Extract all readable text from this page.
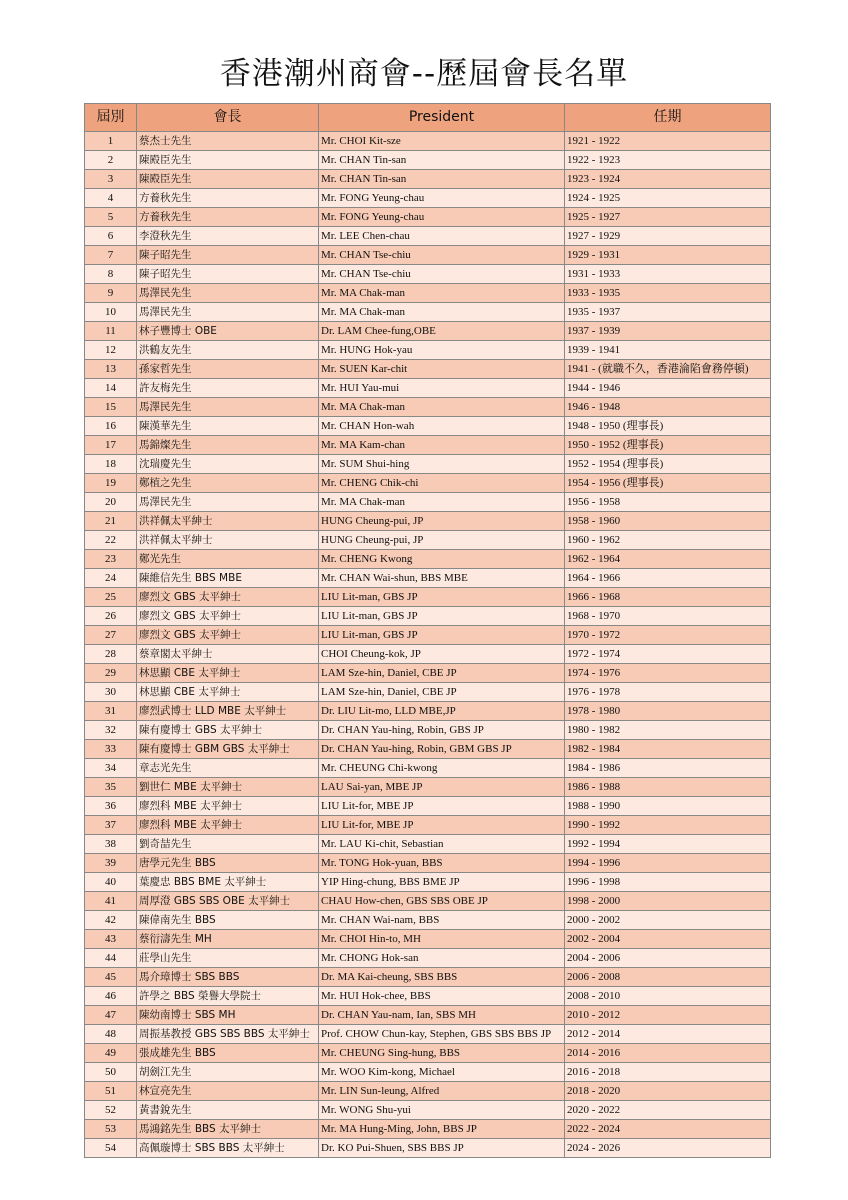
香港潮州商會--歷屆會長名單
屆別	會長	President	任期
1	蔡杰士先生	Mr. CHOI Kit-sze	1921 - 1922
2	陳殿臣先生	Mr. CHAN Tin-san	1922 - 1923
3	陳殿臣先生	Mr. CHAN Tin-san	1923 - 1924
4	方養秋先生	Mr. FONG Yeung-chau	1924 - 1925
5	方養秋先生	Mr. FONG Yeung-chau	1925 - 1927
6	李澄秋先生	Mr. LEE Chen-chau	1927 - 1929
7	陳子昭先生	Mr. CHAN Tse-chiu	1929 - 1931
8	陳子昭先生	Mr. CHAN Tse-chiu	1931 - 1933
9	馬澤民先生	Mr. MA Chak-man	1933 - 1935
10	馬澤民先生	Mr. MA Chak-man	1935 - 1937
11	林子豐博士 OBE	Dr. LAM Chee-fung,OBE	1937 - 1939
12	洪鶴友先生	Mr. HUNG Hok-yau	1939 - 1941
13	孫家哲先生	Mr. SUEN Kar-chit	1941 - (就職不久，香港淪陷會務停頓)
14	許友梅先生	Mr. HUI Yau-mui	1944 - 1946
15	馬澤民先生	Mr. MA Chak-man	1946 - 1948
16	陳漢華先生	Mr. CHAN Hon-wah	1948 - 1950 (理事長)
17	馬錦燦先生	Mr. MA Kam-chan	1950 - 1952 (理事長)
18	沈瑞慶先生	Mr. SUM Shui-hing	1952 - 1954 (理事長)
19	鄭植之先生	Mr. CHENG Chik-chi	1954 - 1956 (理事長)
20	馬澤民先生	Mr. MA Chak-man	1956 - 1958
21	洪祥佩太平紳士	HUNG Cheung-pui, JP	1958 - 1960
22	洪祥佩太平紳士	HUNG Cheung-pui, JP	1960 - 1962
23	鄭光先生	Mr. CHENG Kwong	1962 - 1964
24	陳維信先生 BBS MBE	Mr. CHAN Wai-shun, BBS MBE	1964 - 1966
25	廖烈文 GBS 太平紳士	LIU Lit-man, GBS JP	1966 - 1968
26	廖烈文 GBS 太平紳士	LIU Lit-man, GBS JP	1968 - 1970
27	廖烈文 GBS 太平紳士	LIU Lit-man, GBS JP	1970 - 1972
28	蔡章閣太平紳士	CHOI Cheung-kok, JP	1972 - 1974
29	林思顯 CBE 太平紳士	LAM Sze-hin, Daniel, CBE JP	1974 - 1976
30	林思顯 CBE 太平紳士	LAM Sze-hin, Daniel, CBE JP	1976 - 1978
31	廖烈武博士 LLD MBE 太平紳士	Dr. LIU Lit-mo, LLD MBE,JP	1978 - 1980
32	陳有慶博士 GBS 太平紳士	Dr. CHAN Yau-hing, Robin, GBS JP	1980 - 1982
33	陳有慶博士 GBM GBS 太平紳士	Dr. CHAN Yau-hing, Robin, GBM GBS JP	1982 - 1984
34	章志光先生	Mr. CHEUNG Chi-kwong	1984 - 1986
35	劉世仁 MBE 太平紳士	LAU Sai-yan, MBE JP	1986 - 1988
36	廖烈科 MBE 太平紳士	LIU Lit-for, MBE JP	1988 - 1990
37	廖烈科 MBE 太平紳士	LIU Lit-for, MBE JP	1990 - 1992
38	劉奇喆先生	Mr. LAU Ki-chit, Sebastian	1992 - 1994
39	唐學元先生 BBS	Mr. TONG Hok-yuan, BBS	1994 - 1996
40	葉慶忠 BBS BME 太平紳士	YIP Hing-chung, BBS BME JP	1996 - 1998
41	周厚澄 GBS SBS OBE 太平紳士	CHAU How-chen, GBS SBS OBE JP	1998 - 2000
42	陳偉南先生 BBS	Mr. CHAN Wai-nam, BBS	2000 - 2002
43	蔡衍濤先生 MH	Mr. CHOI Hin-to, MH	2002 - 2004
44	莊學山先生	Mr. CHONG Hok-san	2004 - 2006
45	馬介璋博士 SBS BBS	Dr. MA Kai-cheung, SBS BBS	2006 - 2008
46	許學之 BBS 榮譽大學院士	Mr. HUI Hok-chee, BBS	2008 - 2010
47	陳幼南博士 SBS MH	Dr. CHAN Yau-nam, Ian, SBS MH	2010 - 2012
48	周振基教授 GBS SBS BBS 太平紳士	Prof. CHOW Chun-kay, Stephen, GBS SBS BBS JP	2012 - 2014
49	張成雄先生 BBS	Mr. CHEUNG Sing-hung, BBS	2014 - 2016
50	胡劍江先生	Mr. WOO Kim-kong, Michael	2016 - 2018
51	林宣亮先生	Mr. LIN Sun-leung, Alfred	2018 - 2020
52	黃書銳先生	Mr. WONG Shu-yui	2020 - 2022
53	馬鴻銘先生 BBS 太平紳士	Mr. MA Hung-Ming, John, BBS JP	2022 - 2024
54	高佩璇博士 SBS BBS 太平紳士	Dr. KO Pui-Shuen, SBS BBS JP	2024 - 2026
